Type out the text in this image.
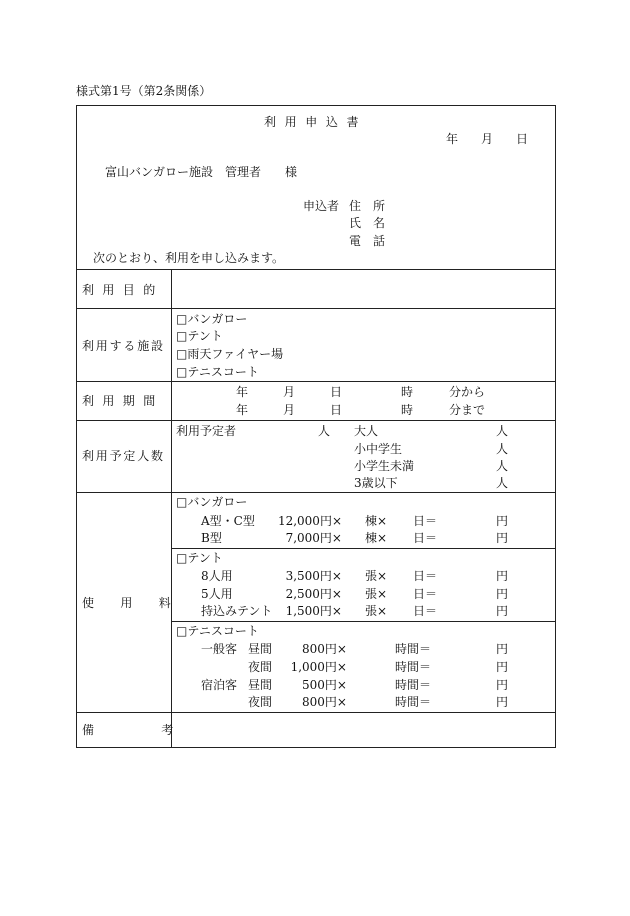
様式第1号（第2条関係）
利 用 申 込 書
年 月 日
富山バンガロー施設　管理者　　様
申込者 住　所
氏　名
電　話
次のとおり、利用を申し込みます。
利用目的
利用する施設
□バンガロー
□テント
□雨天ファイヤー場
□テニスコート
利用期間
年	月	日	時	分から
年	月	日	時	分まで
利用予定人数
利用予定者	人 大人	人
小中学生	人
小学生未満	人
3歳以下	人
使用料
□バンガロー
A型・C型	12,000円× 棟× 日＝	円
B型	7,000円× 棟× 日＝	円
□テント
8人用	3,500円× 張× 日＝	円
5人用	2,500円× 張× 日＝	円
持込みテント	1,500円× 張× 日＝	円
□テニスコート
一般客 昼間	800円×	時間＝	円
夜間	1,000円×	時間＝	円
宿泊客 昼間	500円×	時間＝	円
夜間	800円×	時間＝	円
備考
